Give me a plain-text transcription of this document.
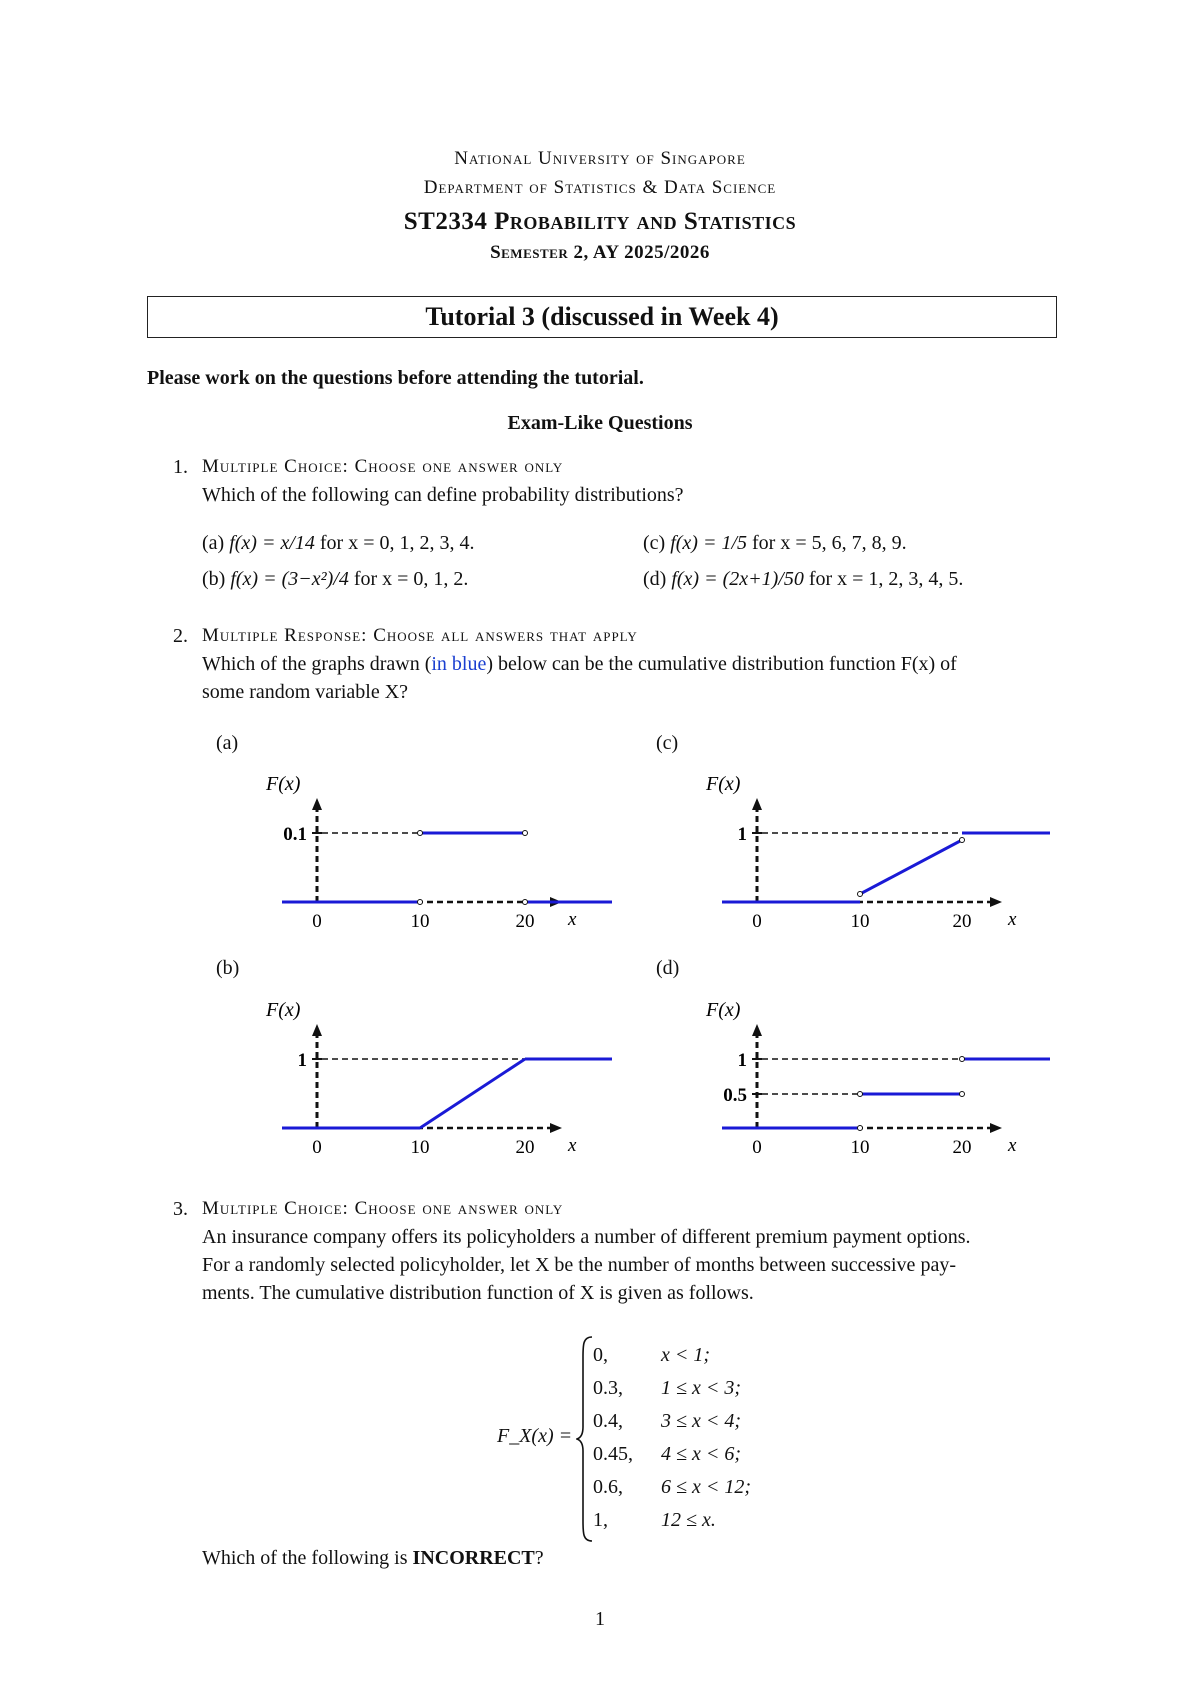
National University of Singapore
Department of Statistics & Data Science
ST2334 Probability and Statistics
Semester 2, AY 2025/2026
Tutorial 3 (discussed in Week 4)
Please work on the questions before attending the tutorial.
Exam-Like Questions
1. Multiple Choice: Choose one answer only
Which of the following can define probability distributions?
(a) f(x) = x/14 for x = 0, 1, 2, 3, 4.
(b) f(x) = (3−x²)/4 for x = 0, 1, 2.
(c) f(x) = 1/5 for x = 5, 6, 7, 8, 9.
(d) f(x) = (2x+1)/50 for x = 1, 2, 3, 4, 5.
2. Multiple Response: Choose all answers that apply
Which of the graphs drawn (in blue) below can be the cumulative distribution function F(x) of
some random variable X?
(a)
F(x)
0.1
0	10	20 x
(c)
F(x)
1
0	10	20 x
(b)
F(x)
1
0	10	20 x
(d)
F(x)
1
0.5
0	10	20 x
3. Multiple Choice: Choose one answer only
An insurance company offers its policyholders a number of different premium payment options.
For a randomly selected policyholder, let X be the number of months between successive pay-
ments. The cumulative distribution function of X is given as follows.
F_X(x) =
0,	x < 1;
0.3,	1 ≤ x < 3;
0.4,	3 ≤ x < 4;
0.45,	4 ≤ x < 6;
0.6,	6 ≤ x < 12;
1,	12 ≤ x.
Which of the following is INCORRECT?
1
